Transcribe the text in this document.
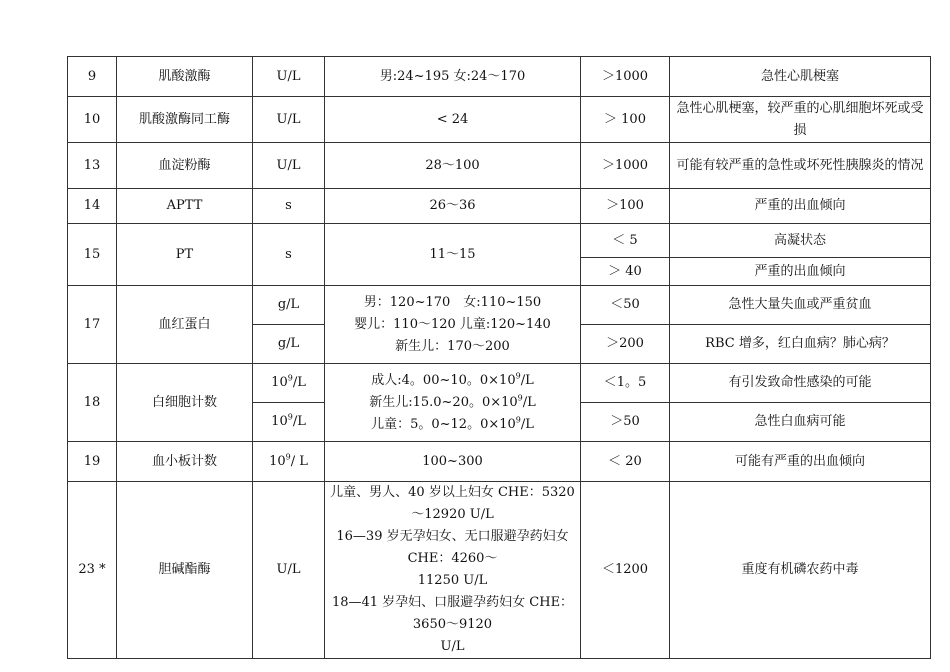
9	肌酸激酶	U/L	男:24~195 女:24～170	＞1000	急性心肌梗塞
10	肌酸激酶同工酶	U/L	< 24	＞ 100	急性心肌梗塞，较严重的心肌细胞坏死或受损
13	血淀粉酶	U/L	28～100	＞1000	可能有较严重的急性或坏死性胰腺炎的情况
14	APTT	s	26～36	＞100	严重的出血倾向
15	PT	s	11～15	＜ 5	高凝状态
				＞ 40	严重的出血倾向
17	血红蛋白	g/L	男：120~170　女:110~150
婴儿：110～120 儿童:120~140
新生儿：170～200	＜50	急性大量失血或严重贫血
		g/L		＞200	RBC 增多，红白血病？肺心病？
18	白细胞计数	$10^9/L$	成人:4。00~10。$0\times 10^9/L$
新生儿:15.0~20。$0\times 10^9/L$
儿童：5。0~12。$0\times 10^9/L$	＜1。5	有引发致命性感染的可能
		$10^9/L$		＞50	急性白血病可能
19	血小板计数	$10^9/$ L	100~300	＜ 20	可能有严重的出血倾向
23 *	胆碱酯酶	U/L	儿童、男人、40 岁以上妇女 CHE：5320～12920 U/L
16—39 岁无孕妇女、无口服避孕药妇女 CHE：4260～
11250 U/L
18—41 岁孕妇、口服避孕药妇女 CHE：3650～9120
U/L	＜1200	重度有机磷农药中毒
